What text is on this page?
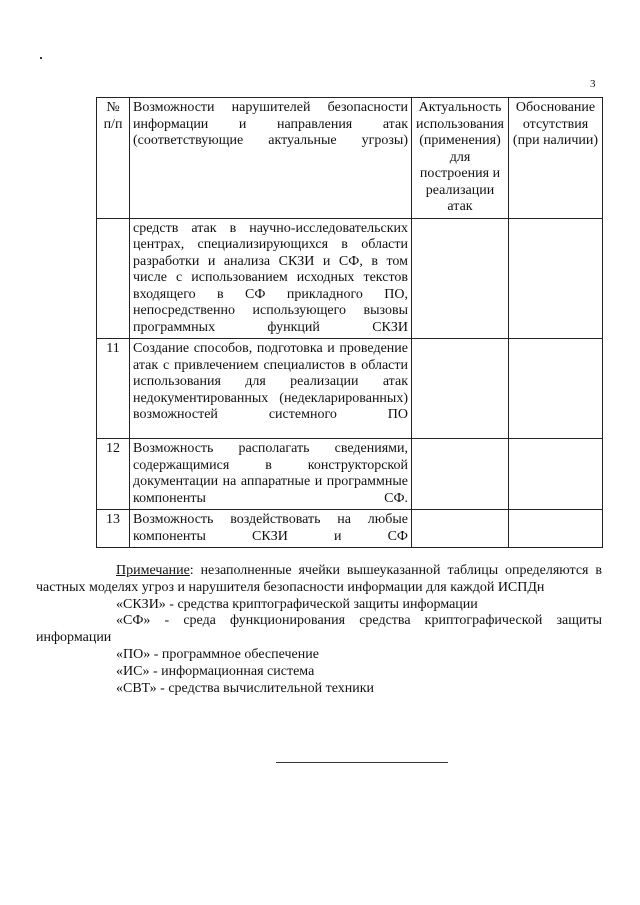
3
№ п/п	Возможности нарушителей безопасности информации и направления атак (соответствующие актуальные угрозы)	Актуальность использования (применения) для построения и реализации атак	Обоснование отсутствия (при наличии)
	средств атак в научно-исследовательских центрах, специализирующихся в области разработки и анализа СКЗИ и СФ, в том числе с использованием исходных текстов входящего в СФ прикладного ПО, непосредственно использующего вызовы программных функций СКЗИ		
11	Создание способов, подготовка и проведение атак с привлечением специалистов в области использования для реализации атак недокументированных (недекларированных) возможностей системного ПО		
12	Возможность располагать сведениями, содержащимися в конструкторской документации на аппаратные и программные компоненты СФ.		
13	Возможность воздействовать на любые компоненты СКЗИ и СФ		

Примечание: незаполненные ячейки вышеуказанной таблицы определяются в частных моделях угроз и нарушителя безопасности информации для каждой ИСПДн

«СКЗИ» - средства криптографической защиты информации

«СФ» - среда функционирования средства криптографической защиты информации

«ПО» - программное обеспечение

«ИС» - информационная система

«СВТ» - средства вычислительной техники
